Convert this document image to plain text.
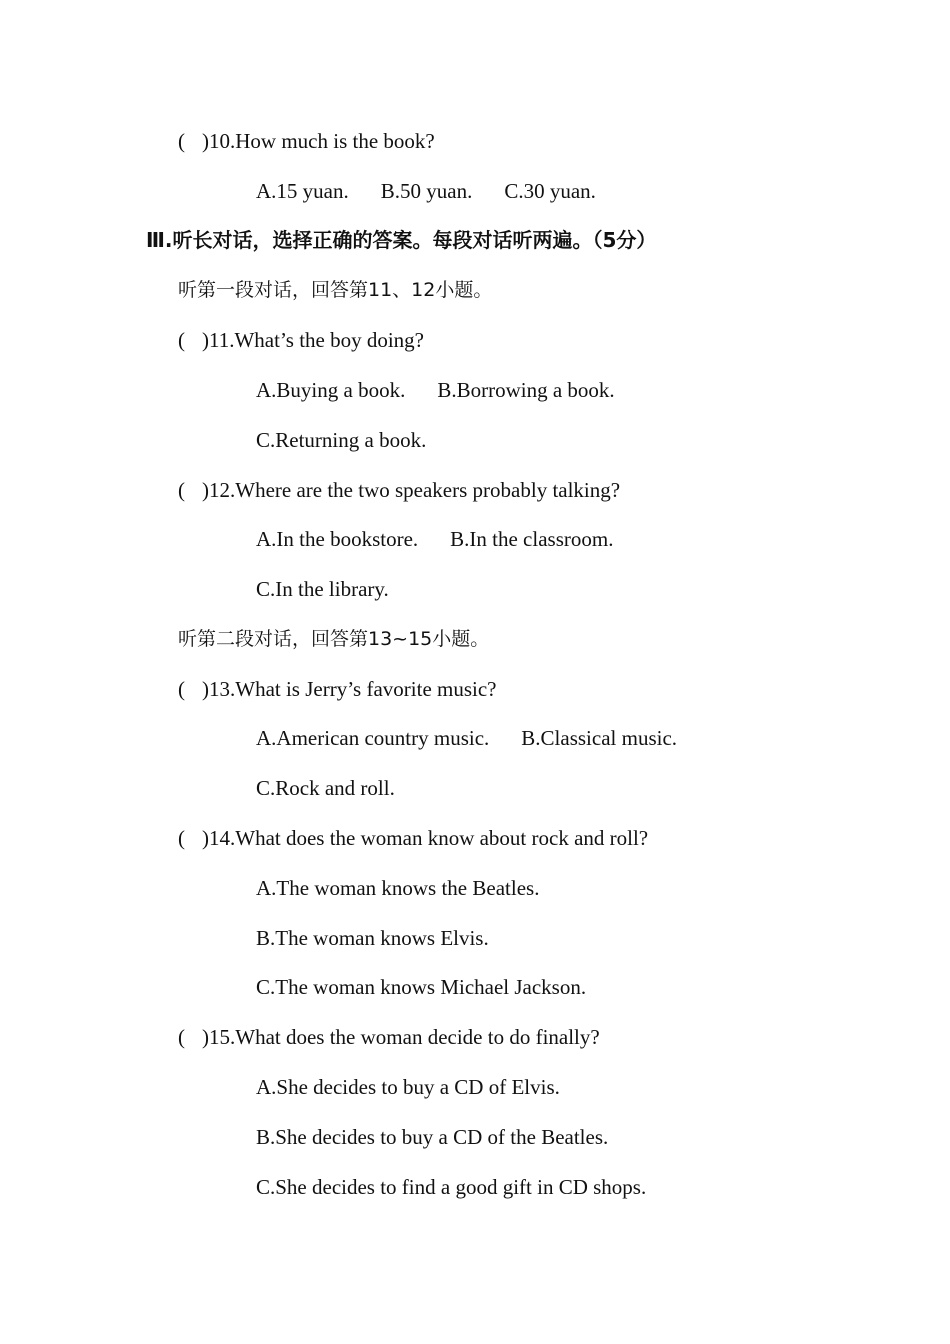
( )10.How much is the book?
A.15 yuan. B.50 yuan. C.30 yuan.
Ⅲ.听长对话，选择正确的答案。每段对话听两遍。（5分）
听第一段对话，回答第11、12小题。
( )11.What’s the boy doing?
A.Buying a book. B.Borrowing a book.
C.Returning a book.
( )12.Where are the two speakers probably talking?
A.In the bookstore. B.In the classroom.
C.In the library.
听第二段对话，回答第13~15小题。
( )13.What is Jerry’s favorite music?
A.American country music. B.Classical music.
C.Rock and roll.
( )14.What does the woman know about rock and roll?
A.The woman knows the Beatles.
B.The woman knows Elvis.
C.The woman knows Michael Jackson.
( )15.What does the woman decide to do finally?
A.She decides to buy a CD of Elvis.
B.She decides to buy a CD of the Beatles.
C.She decides to find a good gift in CD shops.
